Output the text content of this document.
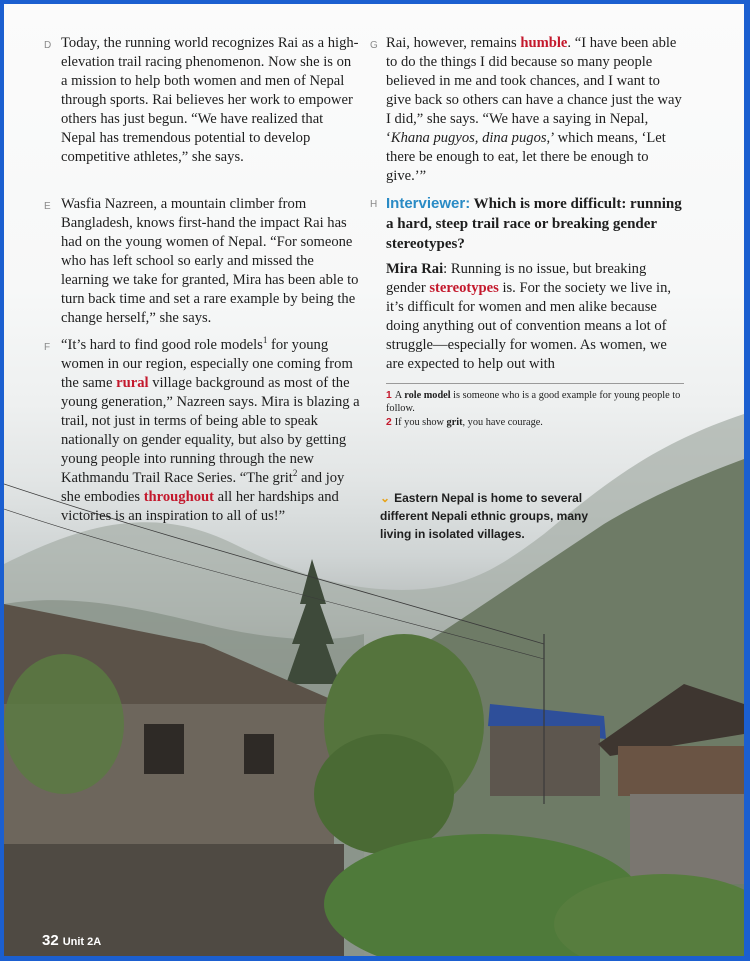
D Today, the running world recognizes Rai as a high-elevation trail racing phenomenon. Now she is on a mission to help both women and men of Nepal through sports. Rai believes her work to empower others has just begun. “We have realized that Nepal has tremendous potential to develop competitive athletes,” she says.

E Wasfia Nazreen, a mountain climber from Bangladesh, knows first-hand the impact Rai has had on the young women of Nepal. “For someone who has left school so early and missed the learning we take for granted, Mira has been able to turn back time and set a rare example by being the change herself,” she says.

F “It’s hard to find good role models$^1$ for young women in our region, especially one coming from the same rural village background as most of the young generation,” Nazreen says. Mira is blazing a trail, not just in terms of being able to speak nationally on gender equality, but also by getting young people into running through the new Kathmandu Trail Race Series. “The grit$^2$ and joy she embodies throughout all her hardships and victories is an inspiration to all of us!”

G Rai, however, remains humble. “I have been able to do the things I did because so many people believed in me and took chances, and I want to give back so others can have a chance just the way I did,” she says. “We have a saying in Nepal, ‘Khana pugyos, dina pugos,’ which means, ‘Let there be enough to eat, let there be enough to give.’”

H Interviewer: Which is more difficult: running a hard, steep trail race or breaking gender stereotypes?

Mira Rai: Running is no issue, but breaking gender stereotypes is. For the society we live in, it’s difficult for women and men alike because doing anything out of convention means a lot of struggle—especially for women. As women, we are expected to help out with

1 A role model is someone who is a good example for young people to follow.

2 If you show grit, you have courage.

⌄ Eastern Nepal is home to several different Nepali ethnic groups, many living in isolated villages.
32 Unit 2A
